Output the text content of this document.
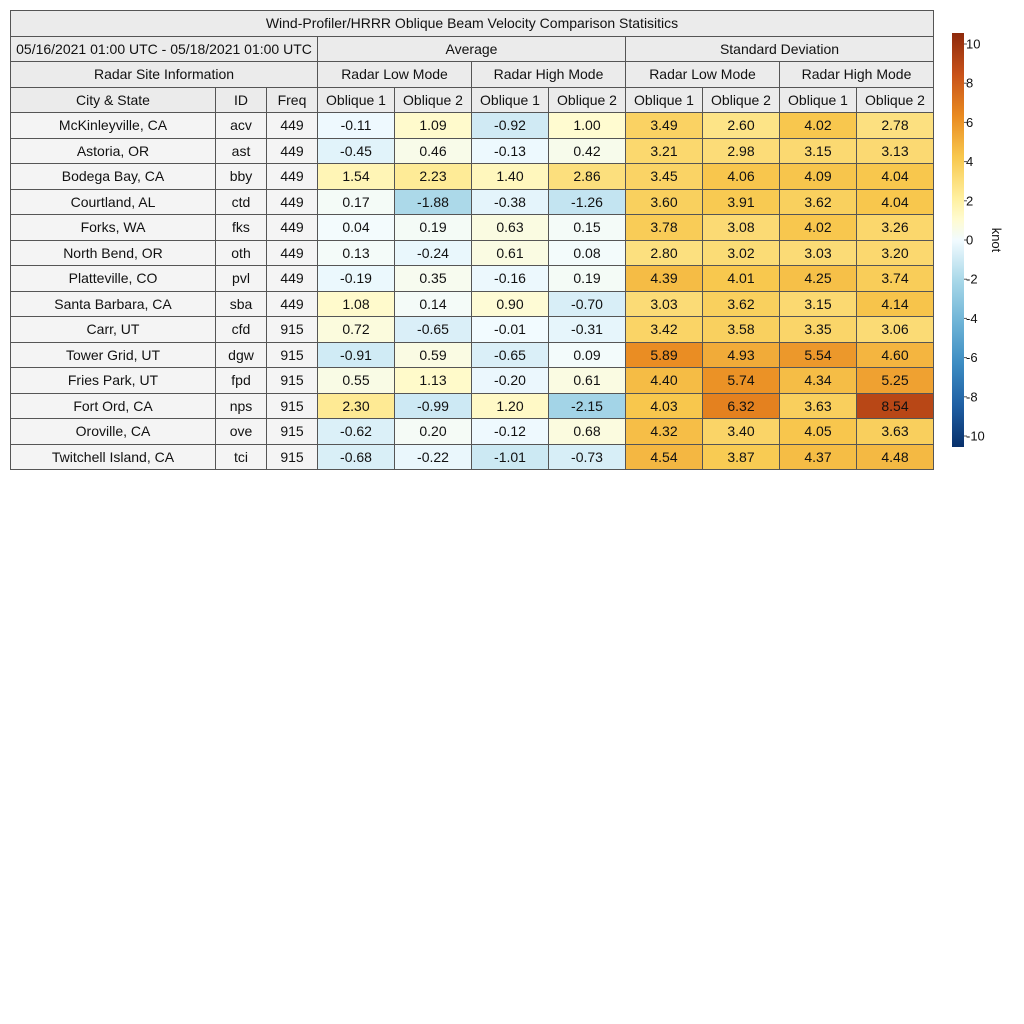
Wind-Profiler/HRRR Oblique Beam Velocity Comparison Statisitics										
05/16/2021 01:00 UTC - 05/18/2021 01:00 UTC			Average				Standard Deviation			
Radar Site Information			Radar Low Mode		Radar High Mode		Radar Low Mode		Radar High Mode	
City & State	ID	Freq	Oblique 1	Oblique 2	Oblique 1	Oblique 2	Oblique 1	Oblique 2	Oblique 1	Oblique 2
McKinleyville, CA	acv	449	-0.11	1.09	-0.92	1.00	3.49	2.60	4.02	2.78
Astoria, OR	ast	449	-0.45	0.46	-0.13	0.42	3.21	2.98	3.15	3.13
Bodega Bay, CA	bby	449	1.54	2.23	1.40	2.86	3.45	4.06	4.09	4.04
Courtland, AL	ctd	449	0.17	-1.88	-0.38	-1.26	3.60	3.91	3.62	4.04
Forks, WA	fks	449	0.04	0.19	0.63	0.15	3.78	3.08	4.02	3.26
North Bend, OR	oth	449	0.13	-0.24	0.61	0.08	2.80	3.02	3.03	3.20
Platteville, CO	pvl	449	-0.19	0.35	-0.16	0.19	4.39	4.01	4.25	3.74
Santa Barbara, CA	sba	449	1.08	0.14	0.90	-0.70	3.03	3.62	3.15	4.14
Carr, UT	cfd	915	0.72	-0.65	-0.01	-0.31	3.42	3.58	3.35	3.06
Tower Grid, UT	dgw	915	-0.91	0.59	-0.65	0.09	5.89	4.93	5.54	4.60
Fries Park, UT	fpd	915	0.55	1.13	-0.20	0.61	4.40	5.74	4.34	5.25
Fort Ord, CA	nps	915	2.30	-0.99	1.20	-2.15	4.03	6.32	3.63	8.54
Oroville, CA	ove	915	-0.62	0.20	-0.12	0.68	4.32	3.40	4.05	3.63
Twitchell Island, CA	tci	915	-0.68	-0.22	-1.01	-0.73	4.54	3.87	4.37	4.48
10
8
6
4
2
0
-2
-4
-6
-8
-10
knot
